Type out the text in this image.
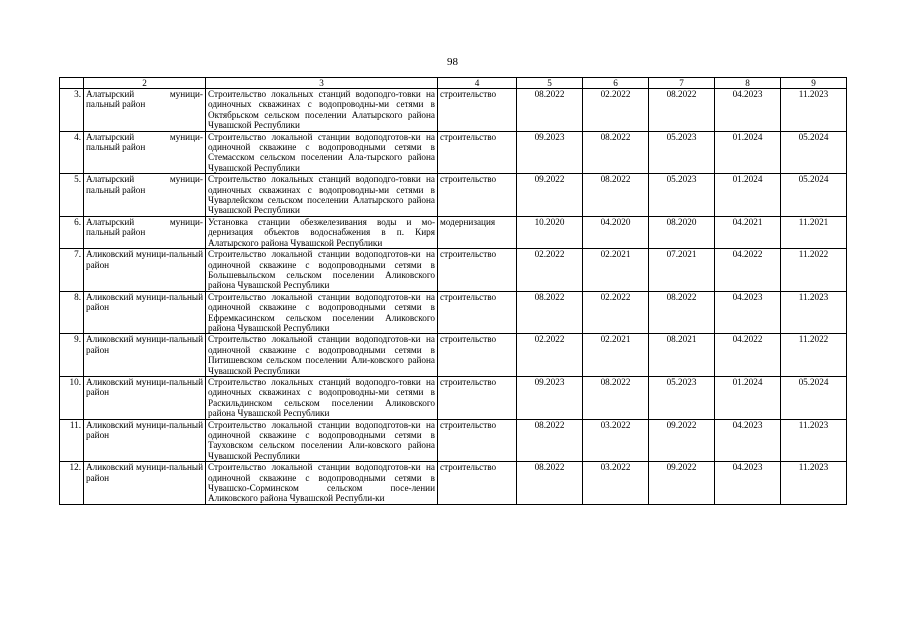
98
	2	3	4	5	6	7	8	9
3.	Алатырский муници-пальный район	Строительство локальных станций водоподго-товки на одиночных скважинах с водопроводны-ми сетями в Октябрьском сельском поселении Алатырского района Чувашской Республики	строительство	08.2022	02.2022	08.2022	04.2023	11.2023
4.	Алатырский муници-пальный район	Строительство локальной станции водоподготов-ки на одиночной скважине с водопроводными сетями в Стемасском сельском поселении Ала-тырского района Чувашской Республики	строительство	09.2023	08.2022	05.2023	01.2024	05.2024
5.	Алатырский муници-пальный район	Строительство локальных станций водоподго-товки на одиночных скважинах с водопроводны-ми сетями в Чуварлейском сельском поселении Алатырского района Чувашской Республики	строительство	09.2022	08.2022	05.2023	01.2024	05.2024
6.	Алатырский муници-пальный район	Установка станции обезжелезивания воды и мо-дернизация объектов водоснабжения в п. Киря Алатырского района Чувашской Республики	модернизация	10.2020	04.2020	08.2020	04.2021	11.2021
7.	Аликовский муници-пальный район	Строительство локальной станции водоподготов-ки на одиночной скважине с водопроводными сетями в Большевыльском сельском поселении Аликовского района Чувашской Республики	строительство	02.2022	02.2021	07.2021	04.2022	11.2022
8.	Аликовский муници-пальный район	Строительство локальной станции водоподготов-ки на одиночной скважине с водопроводными сетями в Ефремкасинском сельском поселении Аликовского района Чувашской Республики	строительство	08.2022	02.2022	08.2022	04.2023	11.2023
9.	Аликовский муници-пальный район	Строительство локальной станции водоподготов-ки на одиночной скважине с водопроводными сетями в Питишевском сельском поселении Али-ковского района Чувашской Республики	строительство	02.2022	02.2021	08.2021	04.2022	11.2022
10.	Аликовский муници-пальный район	Строительство локальных станций водоподго-товки на одиночных скважинах с водопроводны-ми сетями в Раскильдинском сельском поселении Аликовского района Чувашской Республики	строительство	09.2023	08.2022	05.2023	01.2024	05.2024
11.	Аликовский муници-пальный район	Строительство локальной станции водоподготов-ки на одиночной скважине с водопроводными сетями в Тауховском сельском поселении Али-ковского района Чувашской Республики	строительство	08.2022	03.2022	09.2022	04.2023	11.2023
12.	Аликовский муници-пальный район	Строительство локальной станции водоподготов-ки на одиночной скважине с водопроводными сетями в Чувашско-Сорминском сельском посе-лении Аликовского района Чувашской Республи-ки	строительство	08.2022	03.2022	09.2022	04.2023	11.2023
